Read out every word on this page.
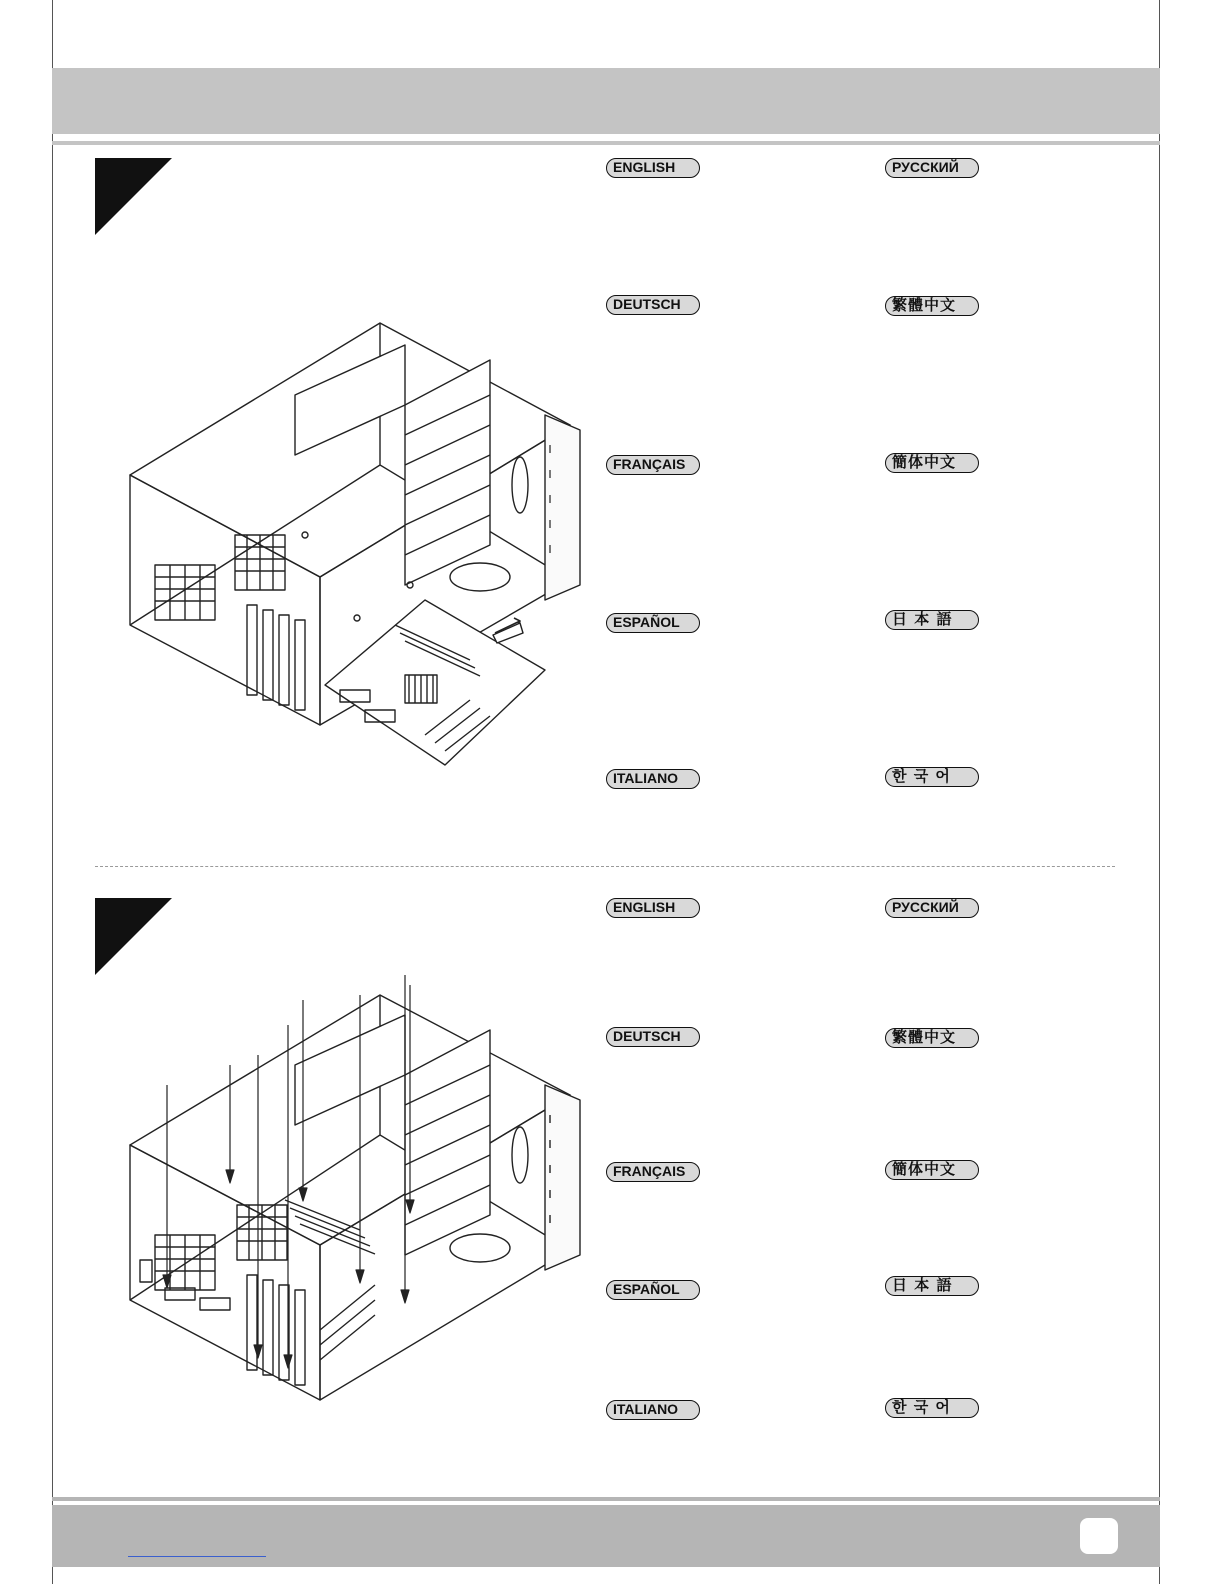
ENGLISH
DEUTSCH
FRANÇAIS
ESPAÑOL
ITALIANO
РУССКИЙ
繁體中文
簡体中文
日 本 語
한 국 어
ENGLISH
DEUTSCH
FRANÇAIS
ESPAÑOL
ITALIANO
РУССКИЙ
繁體中文
簡体中文
日 本 語
한 국 어
